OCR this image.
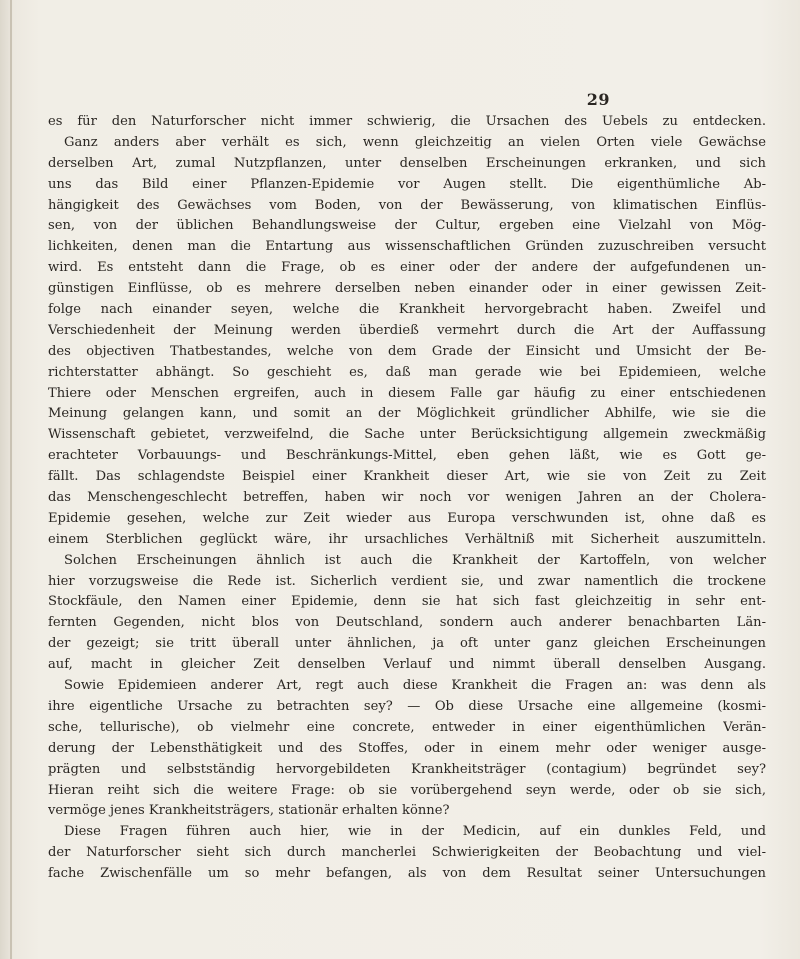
29
es für den Naturforscher nicht immer schwierig, die Ursachen des Uebels zu entdecken.
Ganz anders aber verhält es sich, wenn gleichzeitig an vielen Orten viele Gewächse
derselben Art, zumal Nutzpflanzen, unter denselben Erscheinungen erkranken, und sich
uns das Bild einer Pflanzen-Epidemie vor Augen stellt. Die eigenthümliche Ab-
hängigkeit des Gewächses vom Boden, von der Bewässerung, von klimatischen Einflüs-
sen, von der üblichen Behandlungsweise der Cultur, ergeben eine Vielzahl von Mög-
lichkeiten, denen man die Entartung aus wissenschaftlichen Gründen zuzuschreiben versucht
wird. Es entsteht dann die Frage, ob es einer oder der andere der aufgefundenen un-
günstigen Einflüsse, ob es mehrere derselben neben einander oder in einer gewissen Zeit-
folge nach einander seyen, welche die Krankheit hervorgebracht haben. Zweifel und
Verschiedenheit der Meinung werden überdieß vermehrt durch die Art der Auffassung
des objectiven Thatbestandes, welche von dem Grade der Einsicht und Umsicht der Be-
richterstatter abhängt. So geschieht es, daß man gerade wie bei Epidemieen, welche
Thiere oder Menschen ergreifen, auch in diesem Falle gar häufig zu einer entschiedenen
Meinung gelangen kann, und somit an der Möglichkeit gründlicher Abhilfe, wie sie die
Wissenschaft gebietet, verzweifelnd, die Sache unter Berücksichtigung allgemein zweckmäßig
erachteter Vorbauungs- und Beschränkungs-Mittel, eben gehen läßt, wie es Gott ge-
fällt. Das schlagendste Beispiel einer Krankheit dieser Art, wie sie von Zeit zu Zeit
das Menschengeschlecht betreffen, haben wir noch vor wenigen Jahren an der Cholera-
Epidemie gesehen, welche zur Zeit wieder aus Europa verschwunden ist, ohne daß es
einem Sterblichen geglückt wäre, ihr ursachliches Verhältniß mit Sicherheit auszumitteln.
Solchen Erscheinungen ähnlich ist auch die Krankheit der Kartoffeln, von welcher
hier vorzugsweise die Rede ist. Sicherlich verdient sie, und zwar namentlich die trockene
Stockfäule, den Namen einer Epidemie, denn sie hat sich fast gleichzeitig in sehr ent-
fernten Gegenden, nicht blos von Deutschland, sondern auch anderer benachbarten Län-
der gezeigt; sie tritt überall unter ähnlichen, ja oft unter ganz gleichen Erscheinungen
auf, macht in gleicher Zeit denselben Verlauf und nimmt überall denselben Ausgang.
Sowie Epidemieen anderer Art, regt auch diese Krankheit die Fragen an: was denn als
ihre eigentliche Ursache zu betrachten sey? — Ob diese Ursache eine allgemeine (kosmi-
sche, tellurische), ob vielmehr eine concrete, entweder in einer eigenthümlichen Verän-
derung der Lebensthätigkeit und des Stoffes, oder in einem mehr oder weniger ausge-
prägten und selbstständig hervorgebildeten Krankheitsträger (contagium) begründet sey?
Hieran reiht sich die weitere Frage: ob sie vorübergehend seyn werde, oder ob sie sich,
vermöge jenes Krankheitsträgers, stationär erhalten könne?
Diese Fragen führen auch hier, wie in der Medicin, auf ein dunkles Feld, und
der Naturforscher sieht sich durch mancherlei Schwierigkeiten der Beobachtung und viel-
fache Zwischenfälle um so mehr befangen, als von dem Resultat seiner Untersuchungen
